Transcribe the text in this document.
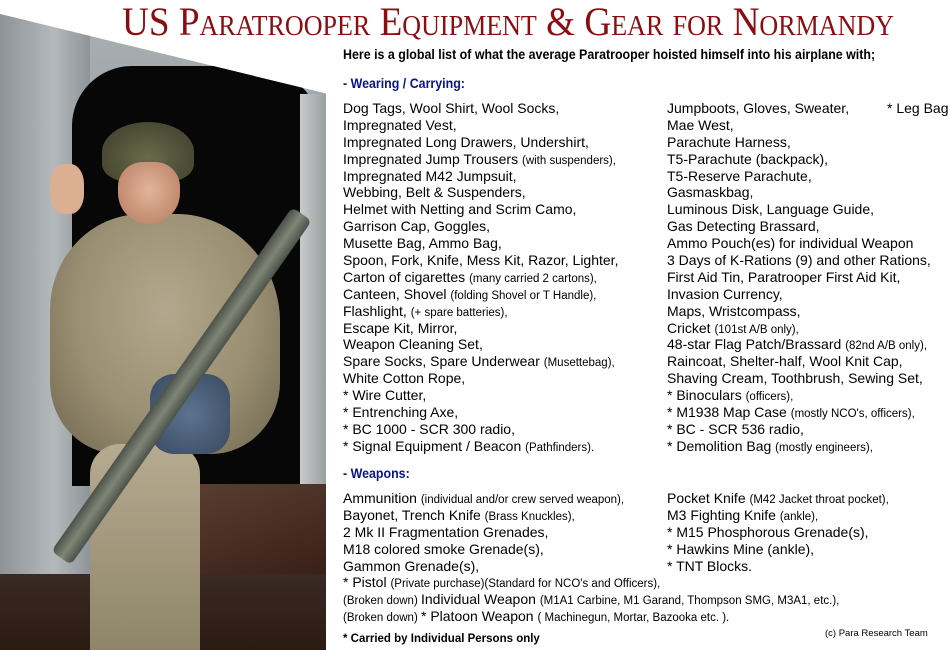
US Paratrooper Equipment & Gear for Normandy
Here is a global list of what the average Paratrooper hoisted himself into his airplane with;
- Wearing / Carrying:
* Leg Bag
Dog Tags, Wool Shirt, Wool Socks,
Impregnated Vest,
Impregnated Long Drawers, Undershirt,
Impregnated Jump Trousers (with suspenders),
Impregnated M42 Jumpsuit,
Webbing, Belt & Suspenders,
Helmet with Netting and Scrim Camo,
Garrison Cap, Goggles,
Musette Bag, Ammo Bag,
Spoon, Fork, Knife, Mess Kit, Razor, Lighter,
Carton of cigarettes (many carried 2 cartons),
Canteen, Shovel (folding Shovel or T Handle),
Flashlight, (+ spare batteries),
Escape Kit, Mirror,
Weapon Cleaning Set,
Spare Socks, Spare Underwear (Musettebag),
White Cotton Rope,
* Wire Cutter,
* Entrenching Axe,
* BC 1000 - SCR 300 radio,
* Signal Equipment / Beacon (Pathfinders).
Jumpboots, Gloves, Sweater,
Mae West,
Parachute Harness,
T5-Parachute (backpack),
T5-Reserve Parachute,
Gasmaskbag,
Luminous Disk, Language Guide,
Gas Detecting Brassard,
Ammo Pouch(es) for individual Weapon
3 Days of K-Rations (9) and other Rations,
First Aid Tin, Paratrooper First Aid Kit,
Invasion Currency,
Maps, Wristcompass,
Cricket (101st A/B only),
48-star Flag Patch/Brassard (82nd A/B only),
Raincoat, Shelter-half, Wool Knit Cap,
Shaving Cream, Toothbrush, Sewing Set,
* Binoculars (officers),
* M1938 Map Case (mostly NCO's, officers),
* BC - SCR 536 radio,
* Demolition Bag (mostly engineers),
- Weapons:
Ammunition (individual and/or crew served weapon),
Bayonet, Trench Knife (Brass Knuckles),
2 Mk II Fragmentation Grenades,
M18 colored smoke Grenade(s),
Gammon Grenade(s),
Pocket Knife (M42 Jacket throat pocket),
M3 Fighting Knife (ankle),
* M15 Phosphorous Grenade(s),
* Hawkins Mine (ankle),
* TNT Blocks.
* Pistol (Private purchase)(Standard for NCO's and Officers),
(Broken down) Individual Weapon (M1A1 Carbine, M1 Garand, Thompson SMG, M3A1, etc.),
(Broken down) * Platoon Weapon ( Machinegun, Mortar, Bazooka etc. ).
* Carried by Individual Persons only	(c) Para Research Team
